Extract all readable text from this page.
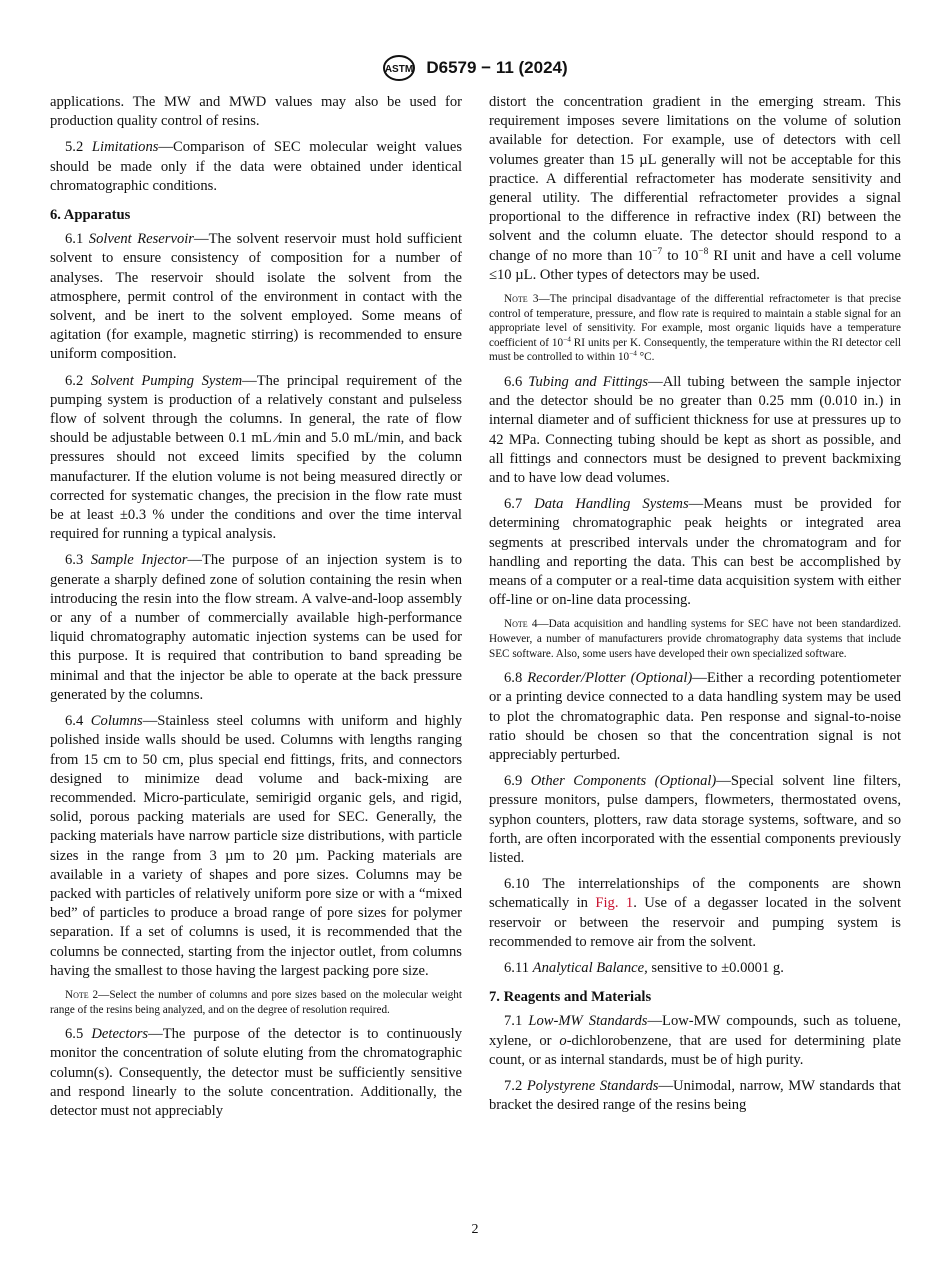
ASTM D6579 − 11 (2024)
applications. The MW and MWD values may also be used for production quality control of resins.
5.2 Limitations—Comparison of SEC molecular weight values should be made only if the data were obtained under identical chromatographic conditions.
6. Apparatus
6.1 Solvent Reservoir—The solvent reservoir must hold sufficient solvent to ensure consistency of composition for a number of analyses. The reservoir should isolate the solvent from the atmosphere, permit control of the environment in contact with the solvent, and be inert to the solvent employed. Some means of agitation (for example, magnetic stirring) is recommended to ensure uniform composition.
6.2 Solvent Pumping System—The principal requirement of the pumping system is production of a relatively constant and pulseless flow of solvent through the columns. In general, the rate of flow should be adjustable between 0.1 mL ⁄min and 5.0 mL/min, and back pressures should not exceed limits specified by the column manufacturer. If the elution volume is not being measured directly or corrected for systematic changes, the precision in the flow rate must be at least ±0.3 % under the conditions and over the time interval required for running a typical analysis.
6.3 Sample Injector—The purpose of an injection system is to generate a sharply defined zone of solution containing the resin when introducing the resin into the flow stream. A valve-and-loop assembly or any of a number of commercially available high-performance liquid chromatography automatic injection systems can be used for this purpose. It is required that contribution to band spreading be minimal and that the injector be able to operate at the back pressure generated by the columns.
6.4 Columns—Stainless steel columns with uniform and highly polished inside walls should be used. Columns with lengths ranging from 15 cm to 50 cm, plus special end fittings, frits, and connectors designed to minimize dead volume and back-mixing are recommended. Micro-particulate, semirigid organic gels, and rigid, solid, porous packing materials are used for SEC. Generally, the packing materials have narrow particle size distributions, with particle sizes in the range from 3 µm to 20 µm. Packing materials are available in a variety of shapes and pore sizes. Columns may be packed with particles of relatively uniform pore size or with a “mixed bed” of particles to produce a broad range of pore sizes for polymer separation. If a set of columns is used, it is recommended that the columns be connected, starting from the injector outlet, from columns having the smallest to those having the largest packing pore size.
Note 2—Select the number of columns and pore sizes based on the molecular weight range of the resins being analyzed, and on the degree of resolution required.
6.5 Detectors—The purpose of the detector is to continuously monitor the concentration of solute eluting from the chromatographic column(s). Consequently, the detector must be sufficiently sensitive and respond linearly to the solute concentration. Additionally, the detector must not appreciably
distort the concentration gradient in the emerging stream. This requirement imposes severe limitations on the volume of solution available for detection. For example, use of detectors with cell volumes greater than 15 µL generally will not be acceptable for this practice. A differential refractometer has moderate sensitivity and general utility. The differential refractometer provides a signal proportional to the difference in refractive index (RI) between the solvent and the column eluate. The detector should respond to a change of no more than $10^{-7}$ to $10^{-8}$ RI unit and have a cell volume ≤10 µL. Other types of detectors may be used.
Note 3—The principal disadvantage of the differential refractometer is that precise control of temperature, pressure, and flow rate is required to maintain a stable signal for an appropriate level of sensitivity. For example, most organic liquids have a temperature coefficient of $10^{-4}$ RI units per K. Consequently, the temperature within the RI detector cell must be controlled to within $10^{-4}$ °C.
6.6 Tubing and Fittings—All tubing between the sample injector and the detector should be no greater than 0.25 mm (0.010 in.) in internal diameter and of sufficient thickness for use at pressures up to 42 MPa. Connecting tubing should be kept as short as possible, and all fittings and connectors must be designed to prevent backmixing and to have low dead volumes.
6.7 Data Handling Systems—Means must be provided for determining chromatographic peak heights or integrated area segments at prescribed intervals under the chromatogram and for handling and reporting the data. This can best be accomplished by means of a computer or a real-time data acquisition system with either off-line or on-line data processing.
Note 4—Data acquisition and handling systems for SEC have not been standardized. However, a number of manufacturers provide chromatography data systems that include SEC software. Also, some users have developed their own specialized software.
6.8 Recorder/Plotter (Optional)—Either a recording potentiometer or a printing device connected to a data handling system may be used to plot the chromatographic data. Pen response and signal-to-noise ratio should be chosen so that the concentration signal is not appreciably perturbed.
6.9 Other Components (Optional)—Special solvent line filters, pressure monitors, pulse dampers, flowmeters, thermostated ovens, syphon counters, plotters, raw data storage systems, software, and so forth, are often incorporated with the essential components previously listed.
6.10 The interrelationships of the components are shown schematically in Fig. 1. Use of a degasser located in the solvent reservoir or between the reservoir and pumping system is recommended to remove air from the solvent.
6.11 Analytical Balance, sensitive to ±0.0001 g.
7. Reagents and Materials
7.1 Low-MW Standards—Low-MW compounds, such as toluene, xylene, or o-dichlorobenzene, that are used for determining plate count, or as internal standards, must be of high purity.
7.2 Polystyrene Standards—Unimodal, narrow, MW standards that bracket the desired range of the resins being
2
